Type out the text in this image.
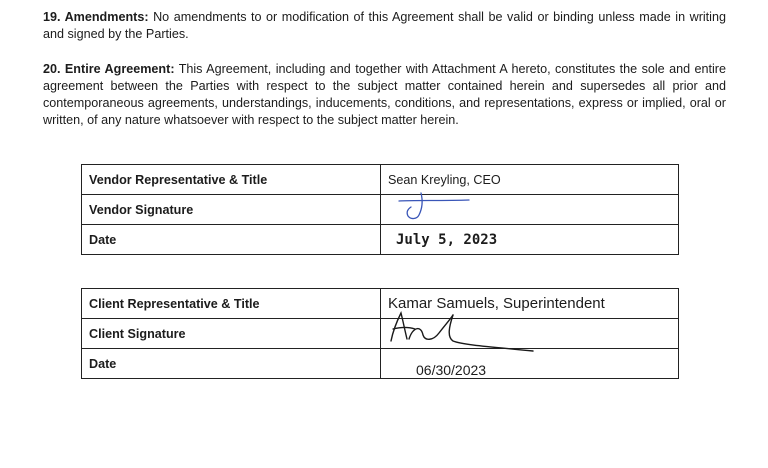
19. Amendments: No amendments to or modification of this Agreement shall be valid or binding unless made in writing and signed by the Parties.
20. Entire Agreement: This Agreement, including and together with Attachment A hereto, constitutes the sole and entire agreement between the Parties with respect to the subject matter contained herein and supersedes all prior and contemporaneous agreements, understandings, inducements, conditions, and representations, express or implied, oral or written, of any nature whatsoever with respect to the subject matter herein.
Vendor Representative & Title	Sean Kreyling, CEO
Vendor Signature	

Date	July 5, 2023
Client Representative & Title	Kamar Samuels, Superintendent
Client Signature	

Date	06/30/2023
